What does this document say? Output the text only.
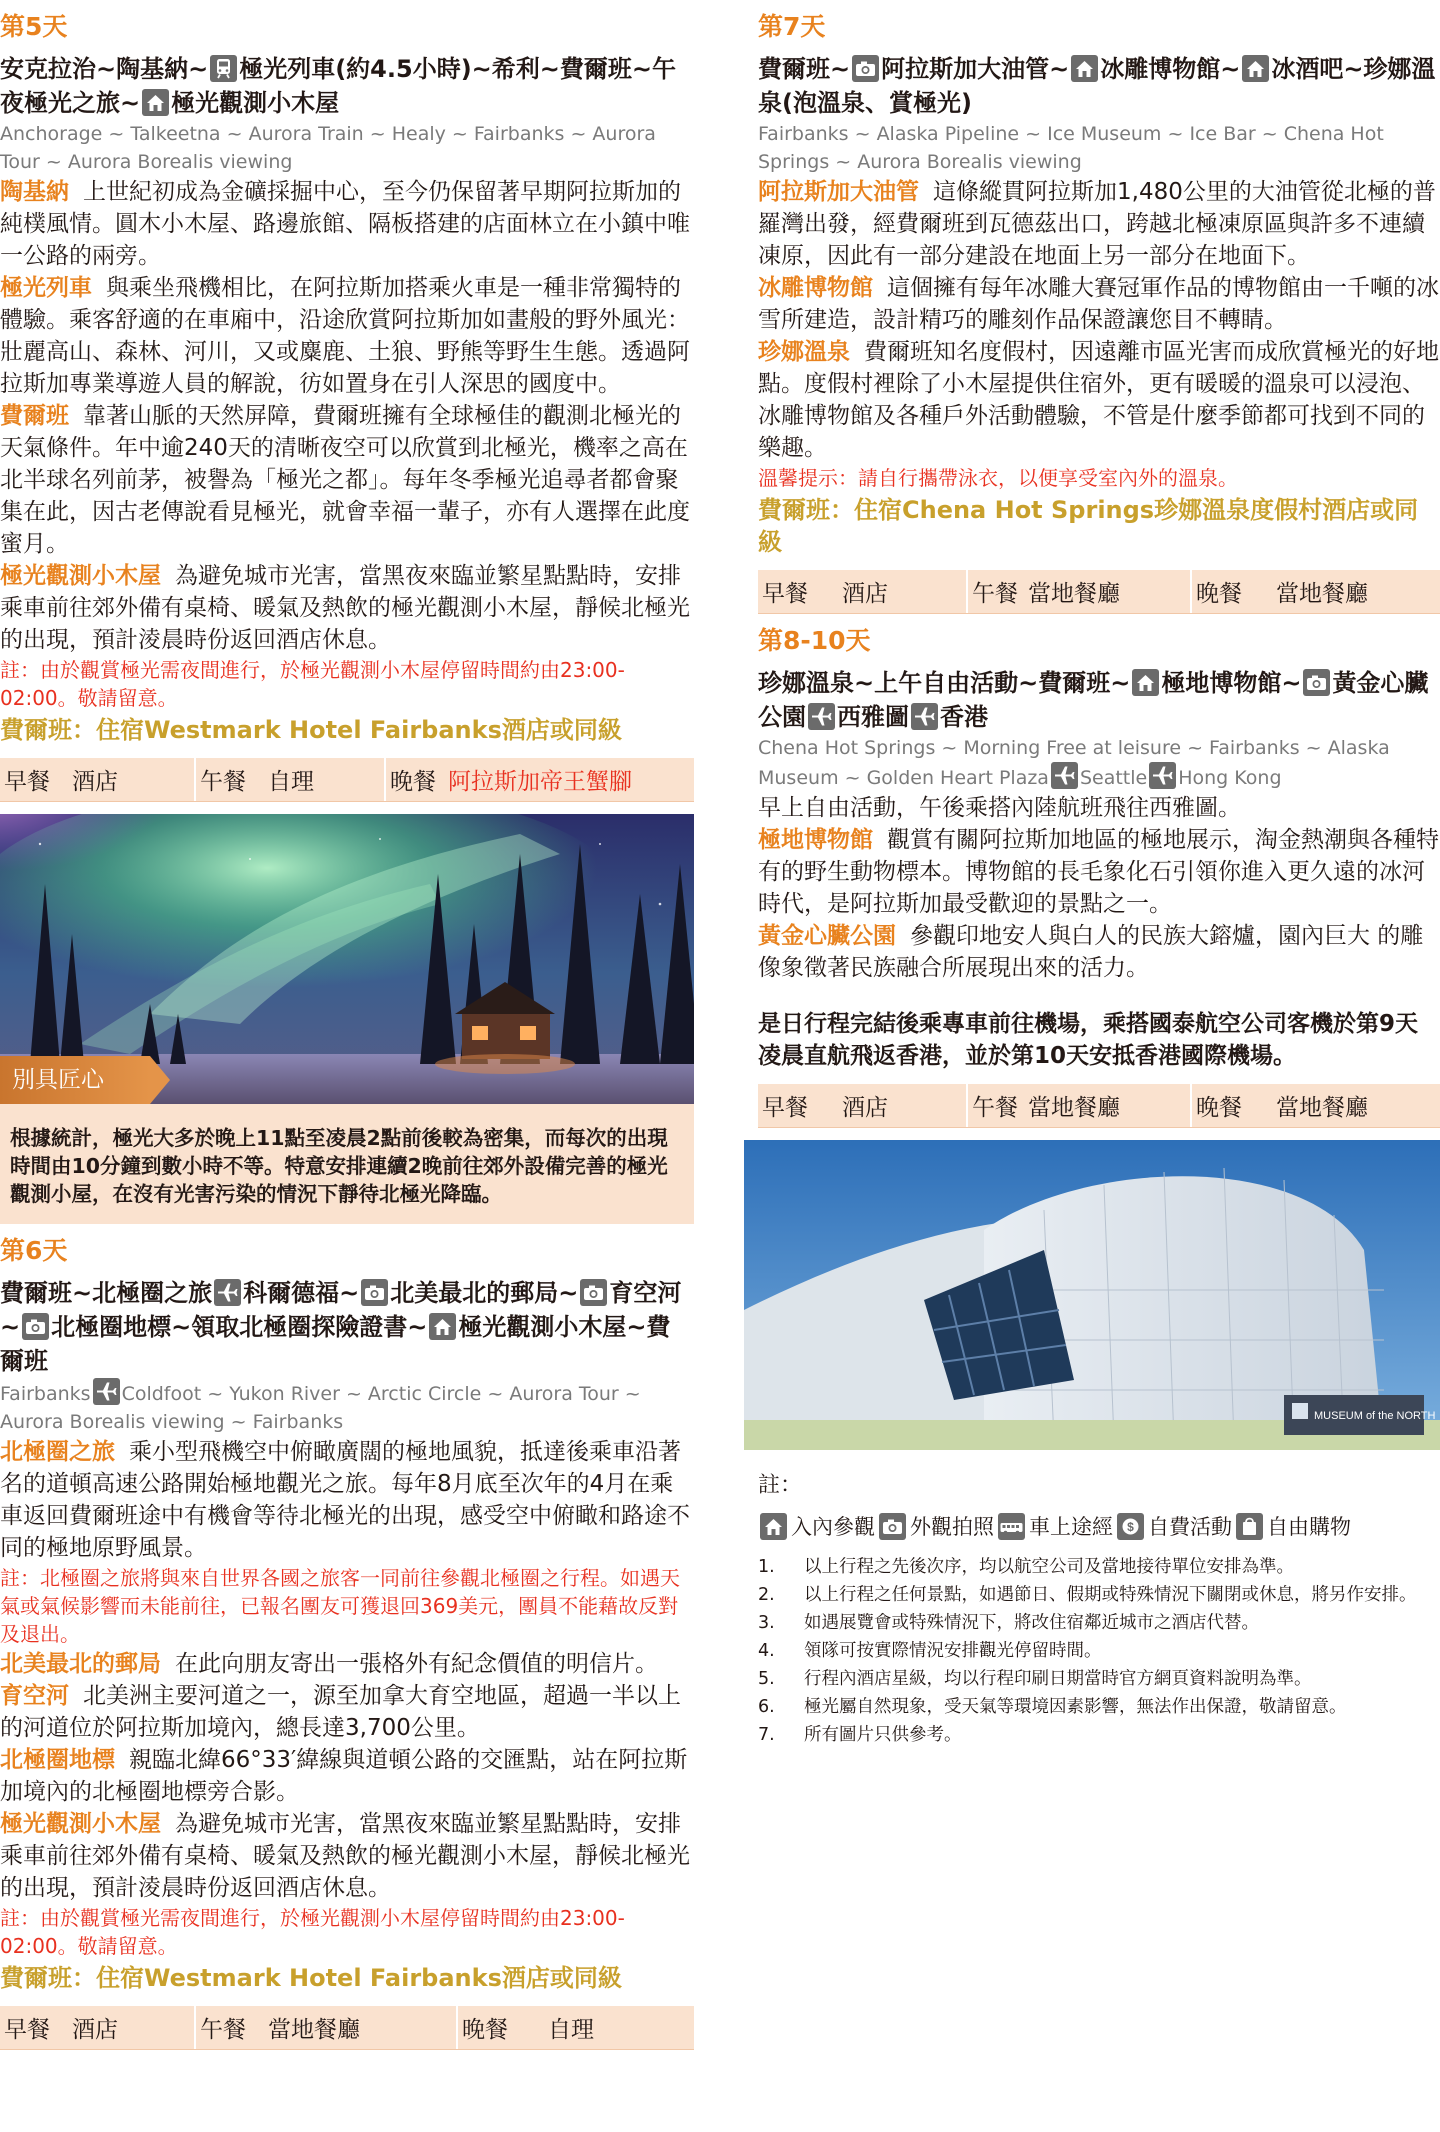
第5天
安克拉治~陶基納~ 極光列車(約4.5小時)~希利~費爾班~午夜極光之旅~ 極光觀測小木屋
Anchorage ~ Talkeetna ~ Aurora Train ~ Healy ~ Fairbanks ~ Aurora Tour ~ Aurora Borealis viewing
陶基納 上世紀初成為金礦採掘中心，至今仍保留著早期阿拉斯加的純樸風情。圓木小木屋、路邊旅館、隔板搭建的店面林立在小鎮中唯一公路的兩旁。
極光列車 與乘坐飛機相比，在阿拉斯加搭乘火車是一種非常獨特的體驗。乘客舒適的在車廂中，沿途欣賞阿拉斯加如畫般的野外風光：壯麗高山、森林、河川，又或麋鹿、土狼、野熊等野生生態。透過阿拉斯加專業導遊人員的解說，彷如置身在引人深思的國度中。
費爾班 靠著山脈的天然屏障，費爾班擁有全球極佳的觀測北極光的天氣條件。年中逾240天的清晰夜空可以欣賞到北極光，機率之高在北半球名列前茅，被譽為「極光之都」。每年冬季極光追尋者都會聚集在此，因古老傳說看見極光，就會幸福一輩子，亦有人選擇在此度蜜月。
極光觀測小木屋 為避免城市光害，當黑夜來臨並繁星點點時，安排乘車前往郊外備有桌椅、暖氣及熱飲的極光觀測小木屋，靜候北極光的出現，預計淩晨時份返回酒店休息。
註：由於觀賞極光需夜間進行，於極光觀測小木屋停留時間約由23:00-02:00。敬請留意。
費爾班：住宿Westmark Hotel Fairbanks酒店或同級
早餐 酒店	午餐 自理	晚餐 阿拉斯加帝王蟹腳
別具匠心
根據統計，極光大多於晚上11點至凌晨2點前後較為密集，而每次的出現時間由10分鐘到數小時不等。特意安排連續2晚前往郊外設備完善的極光觀測小屋，在沒有光害污染的情況下靜待北極光降臨。
第6天
費爾班~北極圈之旅 科爾德福~ 北美最北的郵局~ 育空河~ 北極圈地標~領取北極圈探險證書~ 極光觀測小木屋~費爾班
Fairbanks Coldfoot ~ Yukon River ~ Arctic Circle ~ Aurora Tour ~ Aurora Borealis viewing ~ Fairbanks
北極圈之旅 乘小型飛機空中俯瞰廣闊的極地風貌，抵達後乘車沿著名的道頓高速公路開始極地觀光之旅。每年8月底至次年的4月在乘車返回費爾班途中有機會等待北極光的出現，感受空中俯瞰和路途不同的極地原野風景。
註：北極圈之旅將與來自世界各國之旅客一同前往參觀北極圈之行程。如遇天氣或氣候影響而未能前往，已報名團友可獲退回369美元，團員不能藉故反對及退出。
北美最北的郵局 在此向朋友寄出一張格外有紀念價值的明信片。
育空河 北美洲主要河道之一，源至加拿大育空地區，超過一半以上的河道位於阿拉斯加境內，總長達3,700公里。
北極圈地標 親臨北緯66°33′緯線與道頓公路的交匯點，站在阿拉斯加境內的北極圈地標旁合影。
極光觀測小木屋 為避免城市光害，當黑夜來臨並繁星點點時，安排乘車前往郊外備有桌椅、暖氣及熱飲的極光觀測小木屋，靜候北極光的出現，預計淩晨時份返回酒店休息。
註：由於觀賞極光需夜間進行，於極光觀測小木屋停留時間約由23:00-02:00。敬請留意。
費爾班：住宿Westmark Hotel Fairbanks酒店或同級
早餐 酒店	午餐 當地餐廳	晚餐 自理
第7天
費爾班~ 阿拉斯加大油管~ 冰雕博物館~ 冰酒吧~珍娜溫泉(泡溫泉、賞極光)
Fairbanks ~ Alaska Pipeline ~ Ice Museum ~ Ice Bar ~ Chena Hot Springs ~ Aurora Borealis viewing
阿拉斯加大油管 這條縱貫阿拉斯加1,480公里的大油管從北極的普羅灣出發，經費爾班到瓦德茲出口，跨越北極凍原區與許多不連續凍原，因此有一部分建設在地面上另一部分在地面下。
冰雕博物館 這個擁有每年冰雕大賽冠軍作品的博物館由一千噸的冰雪所建造，設計精巧的雕刻作品保證讓您目不轉睛。
珍娜溫泉 費爾班知名度假村，因遠離市區光害而成欣賞極光的好地點。度假村裡除了小木屋提供住宿外，更有暖暖的溫泉可以浸泡、冰雕博物館及各種戶外活動體驗，不管是什麼季節都可找到不同的樂趣。
溫馨提示：請自行攜帶泳衣，以便享受室內外的溫泉。
費爾班：住宿Chena Hot Springs珍娜溫泉度假村酒店或同級
早餐 酒店	午餐 當地餐廳	晚餐 當地餐廳
第8-10天
珍娜溫泉~上午自由活動~費爾班~ 極地博物館~ 黃金心臟公園 西雅圖 香港
Chena Hot Springs ~ Morning Free at leisure ~ Fairbanks ~ Alaska Museum ~ Golden Heart Plaza Seattle Hong Kong
早上自由活動，午後乘搭內陸航班飛往西雅圖。
極地博物館 觀賞有關阿拉斯加地區的極地展示，淘金熱潮與各種特有的野生動物標本。博物館的長毛象化石引領你進入更久遠的冰河時代，是阿拉斯加最受歡迎的景點之一。
黃金心臟公園 參觀印地安人與白人的民族大鎔爐，園內巨大 的雕像象徵著民族融合所展現出來的活力。
是日行程完結後乘專車前往機場，乘搭國泰航空公司客機於第9天凌晨直航飛返香港，並於第10天安抵香港國際機場。
早餐 酒店	午餐 當地餐廳	晚餐 當地餐廳
MUSEUM of the NORTH
註：
入內參觀 外觀拍照 車上途經 $ 自費活動 自由購物
1.	以上行程之先後次序，均以航空公司及當地接待單位安排為準。
2.	以上行程之任何景點，如遇節日、假期或特殊情況下關閉或休息，將另作安排。
3.	如遇展覽會或特殊情況下，將改住宿鄰近城市之酒店代替。
4.	領隊可按實際情況安排觀光停留時間。
5.	行程內酒店星級，均以行程印刷日期當時官方網頁資料說明為準。
6.	極光屬自然現象，受天氣等環境因素影響，無法作出保證，敬請留意。
7.	所有圖片只供參考。
